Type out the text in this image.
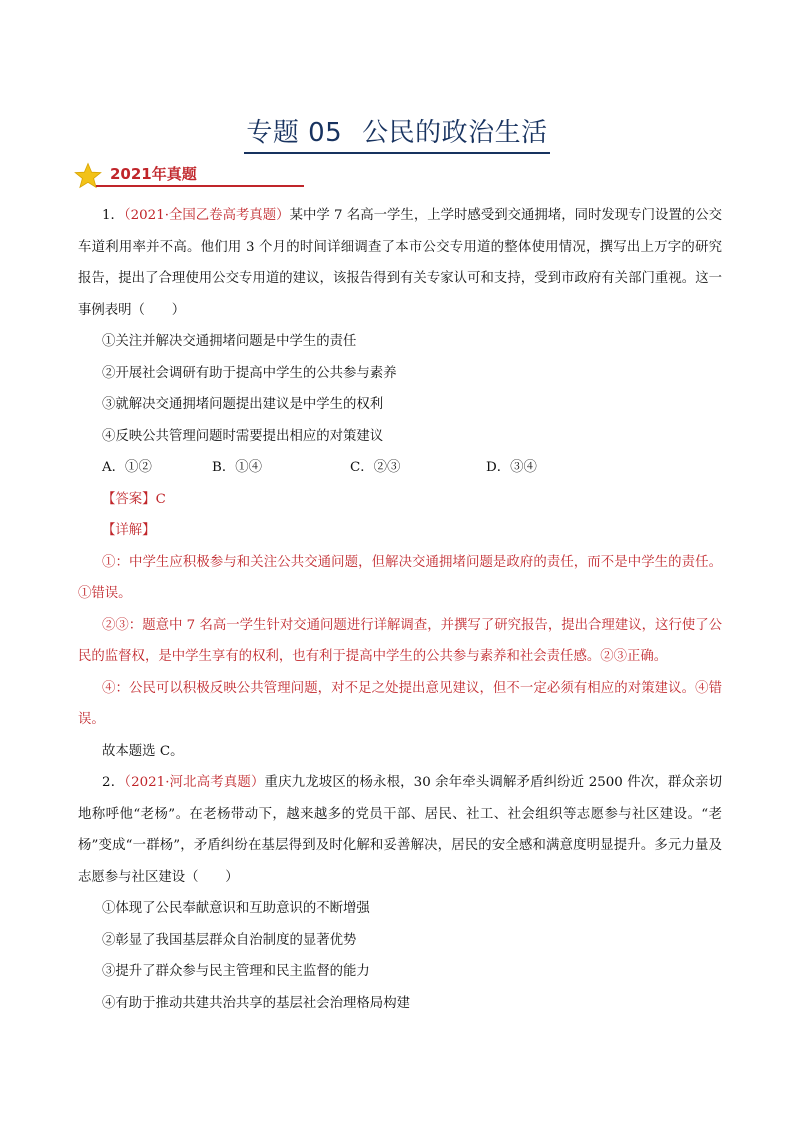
专题 05 公民的政治生活
2021年真题

1．（2021·全国乙卷高考真题）某中学 7 名高一学生，上学时感受到交通拥堵，同时发现专门设置的公交车道利用率并不高。他们用 3 个月的时间详细调查了本市公交专用道的整体使用情况，撰写出上万字的研究报告，提出了合理使用公交专用道的建议，该报告得到有关专家认可和支持，受到市政府有关部门重视。这一事例表明（　　）

①关注并解决交通拥堵问题是中学生的责任

②开展社会调研有助于提高中学生的公共参与素养

③就解决交通拥堵问题提出建议是中学生的权利

④反映公共管理问题时需要提出相应的对策建议

A．①②	B．①④	C．②③	D．③④

【答案】C

【详解】

①：中学生应积极参与和关注公共交通问题，但解决交通拥堵问题是政府的责任，而不是中学生的责任。①错误。

②③：题意中 7 名高一学生针对交通问题进行详解调查，并撰写了研究报告，提出合理建议，这行使了公民的监督权，是中学生享有的权利，也有利于提高中学生的公共参与素养和社会责任感。②③正确。

④：公民可以积极反映公共管理问题，对不足之处提出意见建议，但不一定必须有相应的对策建议。④错误。

故本题选 C。

2．（2021·河北高考真题）重庆九龙坡区的杨永根，30 余年牵头调解矛盾纠纷近 2500 件次，群众亲切地称呼他“老杨”。在老杨带动下，越来越多的党员干部、居民、社工、社会组织等志愿参与社区建设。“老杨”变成“一群杨”，矛盾纠纷在基层得到及时化解和妥善解决，居民的安全感和满意度明显提升。多元力量及志愿参与社区建设（　　）

①体现了公民奉献意识和互助意识的不断增强

②彰显了我国基层群众自治制度的显著优势

③提升了群众参与民主管理和民主监督的能力

④有助于推动共建共治共享的基层社会治理格局构建
